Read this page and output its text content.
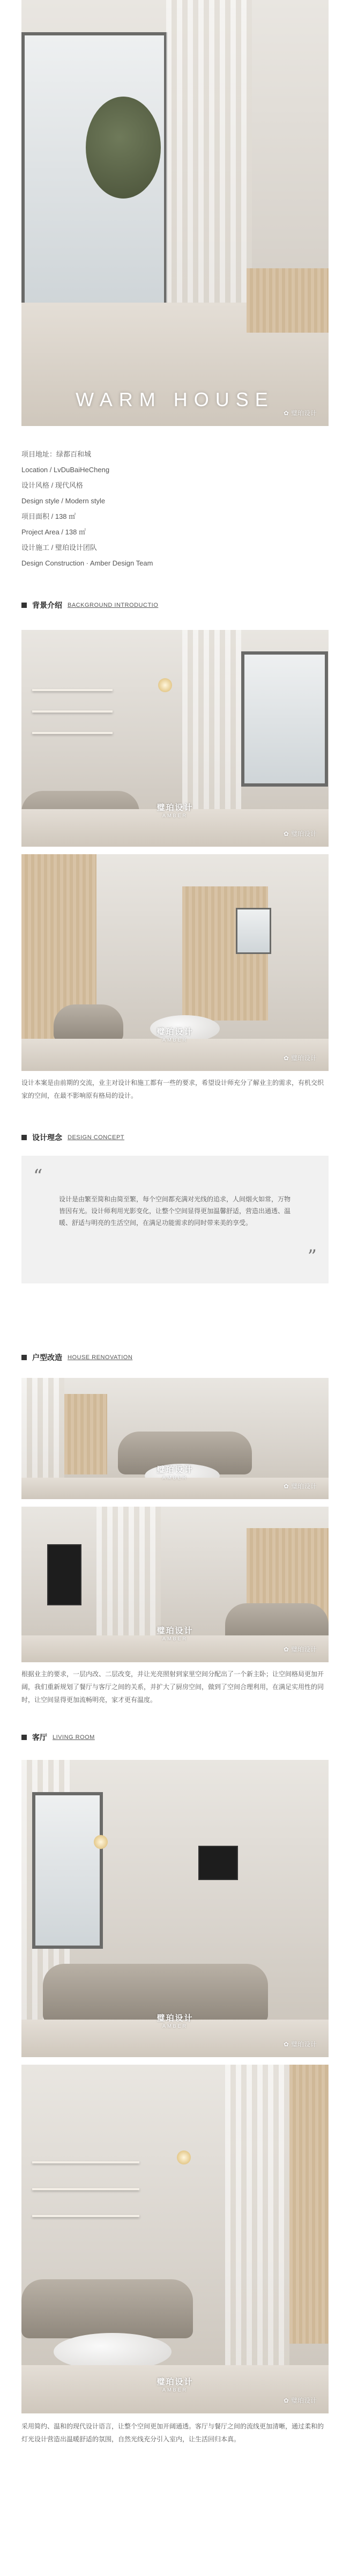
WARM HOUSE
✿ 璧珀设计
项目地址：绿都百和城
Location / LvDuBaiHeCheng
设计风格 / 现代风格
Design style / Modern style
项目面积 / 138 ㎡
Project Area / 138 ㎡
设计施工 / 璧珀设计团队
Design Construction · Amber Design Team
背景介绍 BACKGROUND INTRODUCTIO
璧珀设计
AMBER
✿ 璧珀设计
璧珀设计
AMBER
✿ 璧珀设计
设计本案是由前期的交流，业主对设计和施工都有一些的要求，希望设计师充分了解业主的需求，有机交织家的空间，在最不影响原有格局的设计。
设计理念 DESIGN CONCEPT
“
设计是由繁至简和由简至繁，每个空间都充满对光线的追求，人间烟火如常，万物皆因有光。设计师利用光影变化，让整个空间显得更加温馨舒适，营造出通透、温暖、舒适与明亮的生活空间，在满足功能需求的同时带来美的享受。
”
户型改造 HOUSE RENOVATION
璧珀设计
AMBER
✿ 璧珀设计
璧珀设计
AMBER
✿ 璧珀设计
根据业主的要求，一层内改、二层改变，并让光亮照射到家里空间分配出了一个新主卧；让空间格局更加开阔，我们重新规划了餐厅与客厅之间的关系，并扩大了厨房空间，做到了空间合理利用，在满足实用性的同时，让空间显得更加流畅明亮，家才更有温度。
客厅 LIVING ROOM
璧珀设计
AMBER
✿ 璧珀设计
璧珀设计
AMBER
✿ 璧珀设计
采用简约、温和的现代设计语言，让整个空间更加开阔通透。客厅与餐厅之间的流线更加清晰，通过柔和的灯光设计营造出温暖舒适的氛围，自然光线充分引入室内，让生活回归本真。
